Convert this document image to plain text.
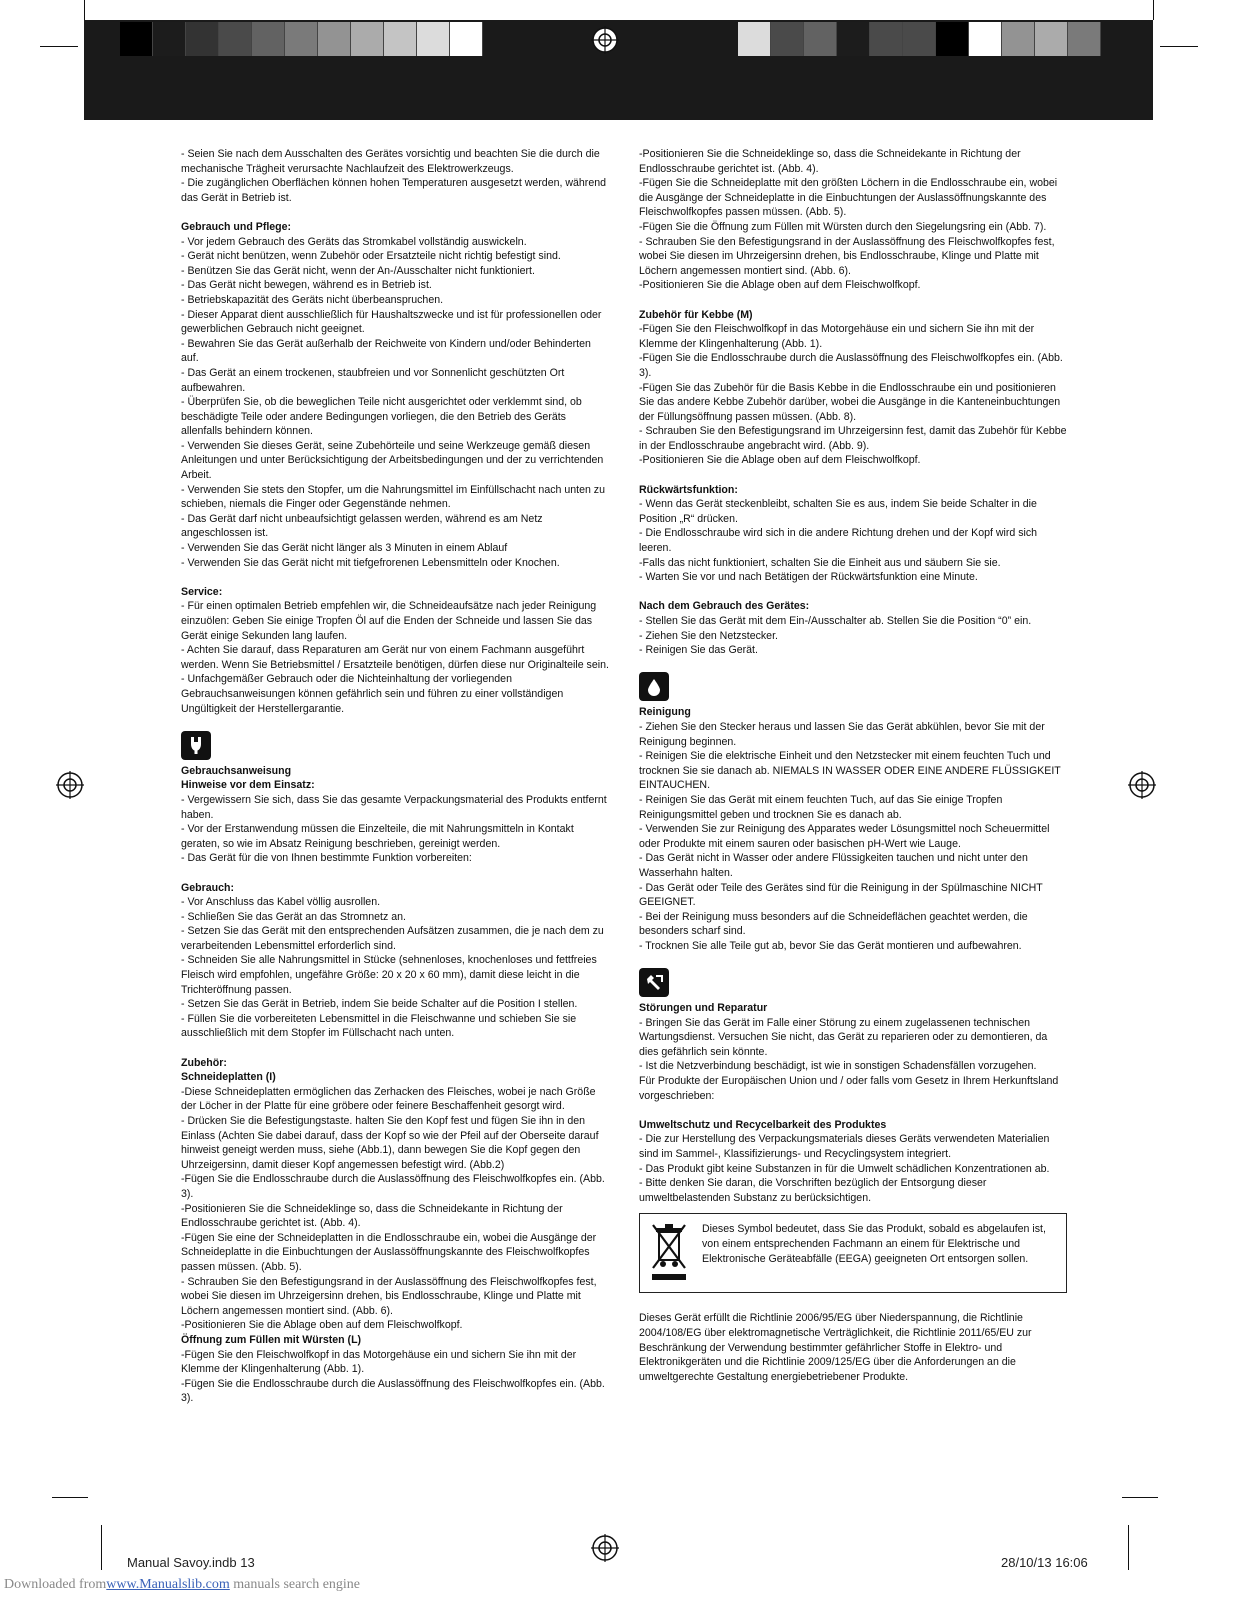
- Seien Sie nach dem Ausschalten des Gerätes vorsichtig und beachten Sie die durch die mechanische Trägheit verursachte Nachlaufzeit des Elektrowerkzeugs.

- Die zugänglichen Oberflächen können hohen Temperaturen ausgesetzt werden, während das Gerät in Betrieb ist.

Gebrauch und Pflege:

- Vor jedem Gebrauch des Geräts das Stromkabel vollständig auswickeln.

- Gerät nicht benützen, wenn Zubehör oder Ersatzteile nicht richtig befestigt sind.

- Benützen Sie das Gerät nicht, wenn der An-/Ausschalter nicht funktioniert.

- Das Gerät nicht bewegen, während es in Betrieb ist.

- Betriebskapazität des Geräts nicht überbeanspruchen.

- Dieser Apparat dient ausschließlich für Haushaltszwecke und ist für professionellen oder gewerblichen Gebrauch nicht geeignet.

- Bewahren Sie das Gerät außerhalb der Reichweite von Kindern und/oder Behinderten auf.

- Das Gerät an einem trockenen, staubfreien und vor Sonnenlicht geschützten Ort aufbewahren.

- Überprüfen Sie, ob die beweglichen Teile nicht ausgerichtet oder verklemmt sind, ob beschädigte Teile oder andere Bedingungen vorliegen, die den Betrieb des Geräts allenfalls behindern können.

- Verwenden Sie dieses Gerät, seine Zubehörteile und seine Werkzeuge gemäß diesen Anleitungen und unter Berücksichtigung der Arbeitsbedingungen und der zu verrichtenden Arbeit.

- Verwenden Sie stets den Stopfer, um die Nahrungsmittel im Einfüllschacht nach unten zu schieben, niemals die Finger oder Gegenstände nehmen.

- Das Gerät darf nicht unbeaufsichtigt gelassen werden, während es am Netz angeschlossen ist.

- Verwenden Sie das Gerät nicht länger als 3 Minuten in einem Ablauf

- Verwenden Sie das Gerät nicht mit tiefgefrorenen Lebensmitteln oder Knochen.

Service:

- Für einen optimalen Betrieb empfehlen wir, die Schneideaufsätze nach jeder Reinigung einzuölen: Geben Sie einige Tropfen Öl auf die Enden der Schneide und lassen Sie das Gerät einige Sekunden lang laufen.

- Achten Sie darauf, dass Reparaturen am Gerät nur von einem Fachmann ausgeführt werden. Wenn Sie Betriebsmittel / Ersatzteile benötigen, dürfen diese nur Originalteile sein.

- Unfachgemäßer Gebrauch oder die Nichteinhaltung der vorliegenden Gebrauchsanweisungen können gefährlich sein und führen zu einer vollständigen Ungültigkeit der Herstellergarantie.

Gebrauchsanweisung
Hinweise vor dem Einsatz:

- Vergewissern Sie sich, dass Sie das gesamte Verpackungsmaterial des Produkts entfernt haben.

- Vor der Erstanwendung müssen die Einzelteile, die mit Nahrungsmitteln in Kontakt geraten, so wie im Absatz Reinigung beschrieben, gereinigt werden.

- Das Gerät für die von Ihnen bestimmte Funktion vorbereiten:

Gebrauch:

- Vor Anschluss das Kabel völlig ausrollen.

- Schließen Sie das Gerät an das Stromnetz an.

- Setzen Sie das Gerät mit den entsprechenden Aufsätzen zusammen, die je nach dem zu verarbeitenden Lebensmittel erforderlich sind.

- Schneiden Sie alle Nahrungsmittel in Stücke (sehnenloses, knochenloses und fettfreies Fleisch wird empfohlen, ungefähre Größe: 20 x 20 x 60 mm), damit diese leicht in die Trichteröffnung passen.

- Setzen Sie das Gerät in Betrieb, indem Sie beide Schalter auf die Position I stellen.

- Füllen Sie die vorbereiteten Lebensmittel in die Fleischwanne und schieben Sie sie ausschließlich mit dem Stopfer im Füllschacht nach unten.

Zubehör:
Schneideplatten (I)

-Diese Schneideplatten ermöglichen das Zerhacken des Fleisches, wobei je nach Größe der Löcher in der Platte für eine gröbere oder feinere Beschaffenheit gesorgt wird.

- Drücken Sie die Befestigungstaste. halten Sie den Kopf fest und fügen Sie ihn in den Einlass (Achten Sie dabei darauf, dass der Kopf so wie der Pfeil auf der Oberseite darauf hinweist geneigt werden muss, siehe (Abb.1), dann bewegen Sie die Kopf gegen den Uhrzeigersinn, damit dieser Kopf angemessen befestigt wird. (Abb.2)

-Fügen Sie die Endlosschraube durch die Auslassöffnung des Fleischwolfkopfes ein. (Abb. 3).

-Positionieren Sie die Schneideklinge so, dass die Schneidekante in Richtung der Endlosschraube gerichtet ist. (Abb. 4).

-Fügen Sie eine der Schneideplatten in die Endlosschraube ein, wobei die Ausgänge der Schneideplatte in die Einbuchtungen der Auslassöffnungskannte des Fleischwolfkopfes passen müssen. (Abb. 5).

- Schrauben Sie den Befestigungsrand in der Auslassöffnung des Fleischwolfkopfes fest, wobei Sie diesen im Uhrzeigersinn drehen, bis Endlosschraube, Klinge und Platte mit Löchern angemessen montiert sind. (Abb. 6).

-Positionieren Sie die Ablage oben auf dem Fleischwolfkopf.

Öffnung zum Füllen mit Würsten (L)

-Fügen Sie den Fleischwolfkopf in das Motorgehäuse ein und sichern Sie ihn mit der Klemme der Klingenhalterung (Abb. 1).

-Fügen Sie die Endlosschraube durch die Auslassöffnung des Fleischwolfkopfes ein. (Abb. 3).

-Positionieren Sie die Schneideklinge so, dass die Schneidekante in Richtung der Endlosschraube gerichtet ist. (Abb. 4).

-Fügen Sie die Schneideplatte mit den größten Löchern in die Endlosschraube ein, wobei die Ausgänge der Schneideplatte in die Einbuchtungen der Auslassöffnungskannte des Fleischwolfkopfes passen müssen. (Abb. 5).

-Fügen Sie die Öffnung zum Füllen mit Würsten durch den Siegelungsring ein (Abb. 7).

- Schrauben Sie den Befestigungsrand in der Auslassöffnung des Fleischwolfkopfes fest, wobei Sie diesen im Uhrzeigersinn drehen, bis Endlosschraube, Klinge und Platte mit Löchern angemessen montiert sind. (Abb. 6).

-Positionieren Sie die Ablage oben auf dem Fleischwolfkopf.

Zubehör für Kebbe (M)

-Fügen Sie den Fleischwolfkopf in das Motorgehäuse ein und sichern Sie ihn mit der Klemme der Klingenhalterung (Abb. 1).

-Fügen Sie die Endlosschraube durch die Auslassöffnung des Fleischwolfkopfes ein. (Abb. 3).

-Fügen Sie das Zubehör für die Basis Kebbe in die Endlosschraube ein und positionieren Sie das andere Kebbe Zubehör darüber, wobei die Ausgänge in die Kanteneinbuchtungen der Füllungsöffnung passen müssen. (Abb. 8).

- Schrauben Sie den Befestigungsrand im Uhrzeigersinn fest, damit das Zubehör für Kebbe in der Endlosschraube angebracht wird. (Abb. 9).

-Positionieren Sie die Ablage oben auf dem Fleischwolfkopf.

Rückwärtsfunktion:

- Wenn das Gerät steckenbleibt, schalten Sie es aus, indem Sie beide Schalter in die Position „R“ drücken.

- Die Endlosschraube wird sich in die andere Richtung drehen und der Kopf wird sich leeren.

-Falls das nicht funktioniert, schalten Sie die Einheit aus und säubern Sie sie.

- Warten Sie vor und nach Betätigen der Rückwärtsfunktion eine Minute.

Nach dem Gebrauch des Gerätes:

- Stellen Sie das Gerät mit dem Ein-/Ausschalter ab. Stellen Sie die Position “0” ein.

- Ziehen Sie den Netzstecker.

- Reinigen Sie das Gerät.

Reinigung

- Ziehen Sie den Stecker heraus und lassen Sie das Gerät abkühlen, bevor Sie mit der Reinigung beginnen.

- Reinigen Sie die elektrische Einheit und den Netzstecker mit einem feuchten Tuch und trocknen Sie sie danach ab. NIEMALS IN WASSER ODER EINE ANDERE FLÜSSIGKEIT EINTAUCHEN.

- Reinigen Sie das Gerät mit einem feuchten Tuch, auf das Sie einige Tropfen Reinigungsmittel geben und trocknen Sie es danach ab.

- Verwenden Sie zur Reinigung des Apparates weder Lösungsmittel noch Scheuermittel oder Produkte mit einem sauren oder basischen pH-Wert wie Lauge.

- Das Gerät nicht in Wasser oder andere Flüssigkeiten tauchen und nicht unter den Wasserhahn halten.

- Das Gerät oder Teile des Gerätes sind für die Reinigung in der Spülmaschine NICHT GEEIGNET.

- Bei der Reinigung muss besonders auf die Schneideflächen geachtet werden, die besonders scharf sind.

- Trocknen Sie alle Teile gut ab, bevor Sie das Gerät montieren und aufbewahren.

Störungen und Reparatur

- Bringen Sie das Gerät im Falle einer Störung zu einem zugelassenen technischen Wartungsdienst. Versuchen Sie nicht, das Gerät zu reparieren oder zu demontieren, da dies gefährlich sein könnte.

- Ist die Netzverbindung beschädigt, ist wie in sonstigen Schadensfällen vorzugehen.

Für Produkte der Europäischen Union und / oder falls vom Gesetz in Ihrem Herkunftsland vorgeschrieben:

Umweltschutz und Recycelbarkeit des Produktes

- Die zur Herstellung des Verpackungsmaterials dieses Geräts verwendeten Materialien sind im Sammel-, Klassifizierungs- und Recyclingsystem integriert.

- Das Produkt gibt keine Substanzen in für die Umwelt schädlichen Konzentrationen ab.

- Bitte denken Sie daran, die Vorschriften bezüglich der Entsorgung dieser umweltbelastenden Substanz zu berücksichtigen.

Dieses Symbol bedeutet, dass Sie das Produkt, sobald es abgelaufen ist, von einem entsprechenden Fachmann an einem für Elektrische und Elektronische Geräteabfälle (EEGA) geeigneten Ort entsorgen sollen.

Dieses Gerät erfüllt die Richtlinie 2006/95/EG über Niederspannung, die Richtlinie 2004/108/EG über elektromagnetische Verträglichkeit, die Richtlinie 2011/65/EU zur Beschränkung der Verwendung bestimmter gefährlicher Stoffe in Elektro- und Elektronikgeräten und die Richtlinie 2009/125/EG über die Anforderungen an die umweltgerechte Gestaltung energiebetriebener Produkte.

Manual Savoy.indb 13	28/10/13 16:06
Downloaded fromwww.Manualslib.com manuals search engine
